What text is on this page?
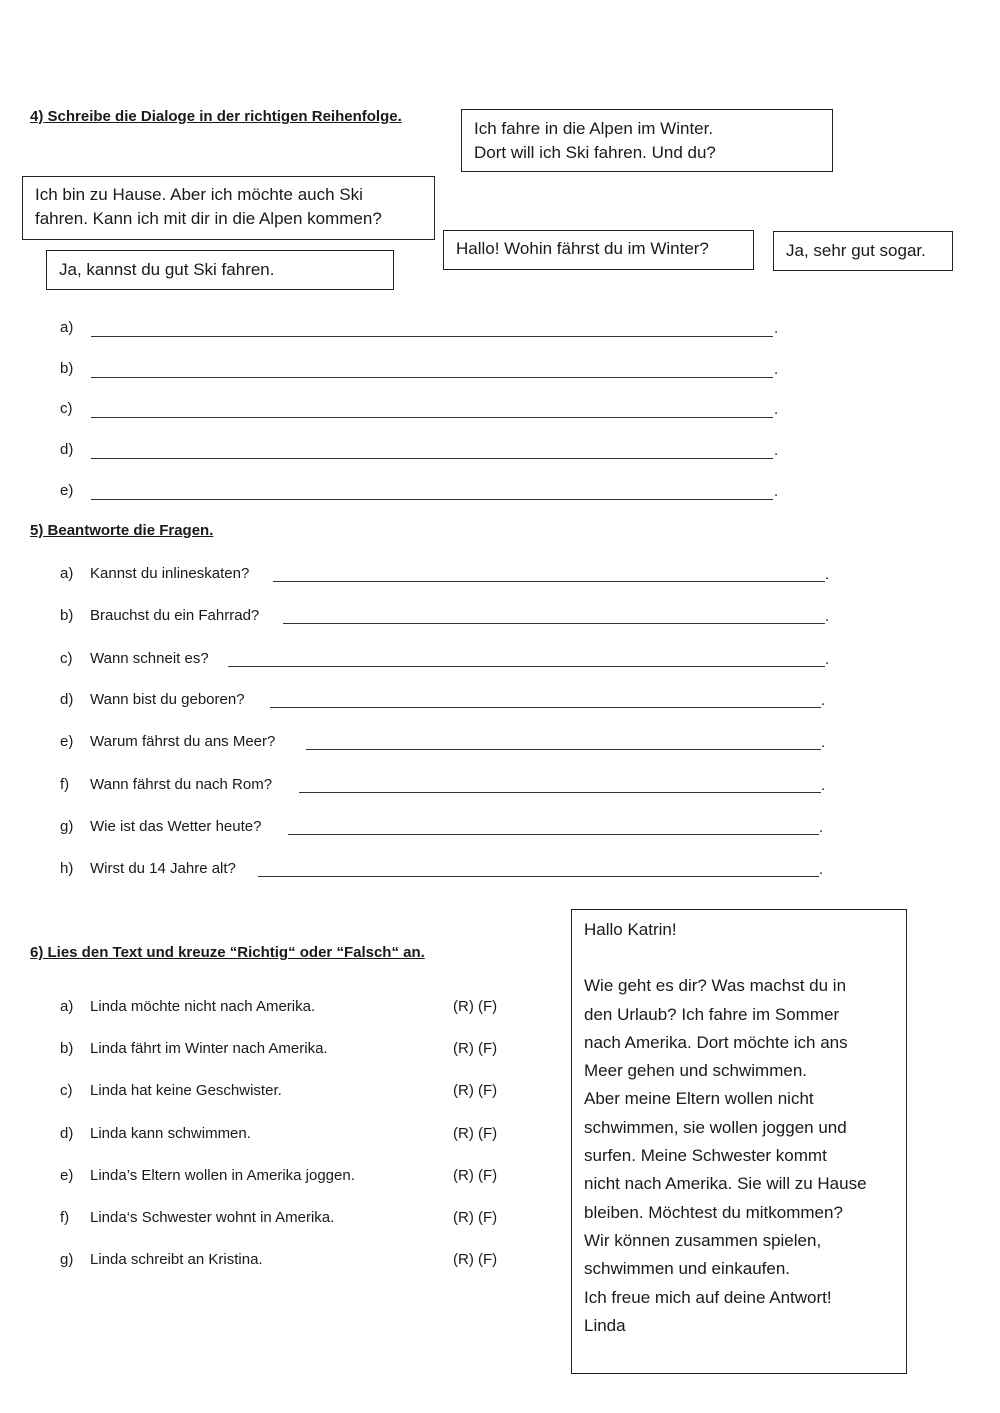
4) Schreibe die Dialoge in der richtigen Reihenfolge.
Ich fahre in die Alpen im Winter.
Dort will ich Ski fahren. Und du?
Ich bin zu Hause. Aber ich möchte auch Ski
fahren. Kann ich mit dir in die Alpen kommen?
Hallo! Wohin fährst du im Winter?	Ja, sehr gut sogar.
Ja, kannst du gut Ski fahren.
a)	.
b)	.
c)	.
d)	.
e)	.
5) Beantworte die Fragen.
a) Kannst du inlineskaten?	.
b) Brauchst du ein Fahrrad?	.
c) Wann schneit es?	.
d) Wann bist du geboren?	.
e) Warum fährst du ans Meer?	.
f) Wann fährst du nach Rom?	.
g) Wie ist das Wetter heute?	.
h) Wirst du 14 Jahre alt?	.
6) Lies den Text und kreuze “Richtig“ oder “Falsch“ an.
a) Linda möchte nicht nach Amerika.	(R) (F)
b) Linda fährt im Winter nach Amerika.	(R) (F)
c) Linda hat keine Geschwister.	(R) (F)
d) Linda kann schwimmen.	(R) (F)
e) Linda’s Eltern wollen in Amerika joggen.	(R) (F)
f) Linda‘s Schwester wohnt in Amerika.	(R) (F)
g) Linda schreibt an Kristina.	(R) (F)

Hallo Katrin!

Wie geht es dir? Was machst du in

den Urlaub? Ich fahre im Sommer

nach Amerika. Dort möchte ich ans

Meer gehen und schwimmen.

Aber meine Eltern wollen nicht

schwimmen, sie wollen joggen und

surfen. Meine Schwester kommt

nicht nach Amerika. Sie will zu Hause

bleiben. Möchtest du mitkommen?

Wir können zusammen spielen,

schwimmen und einkaufen.

Ich freue mich auf deine Antwort!

Linda
